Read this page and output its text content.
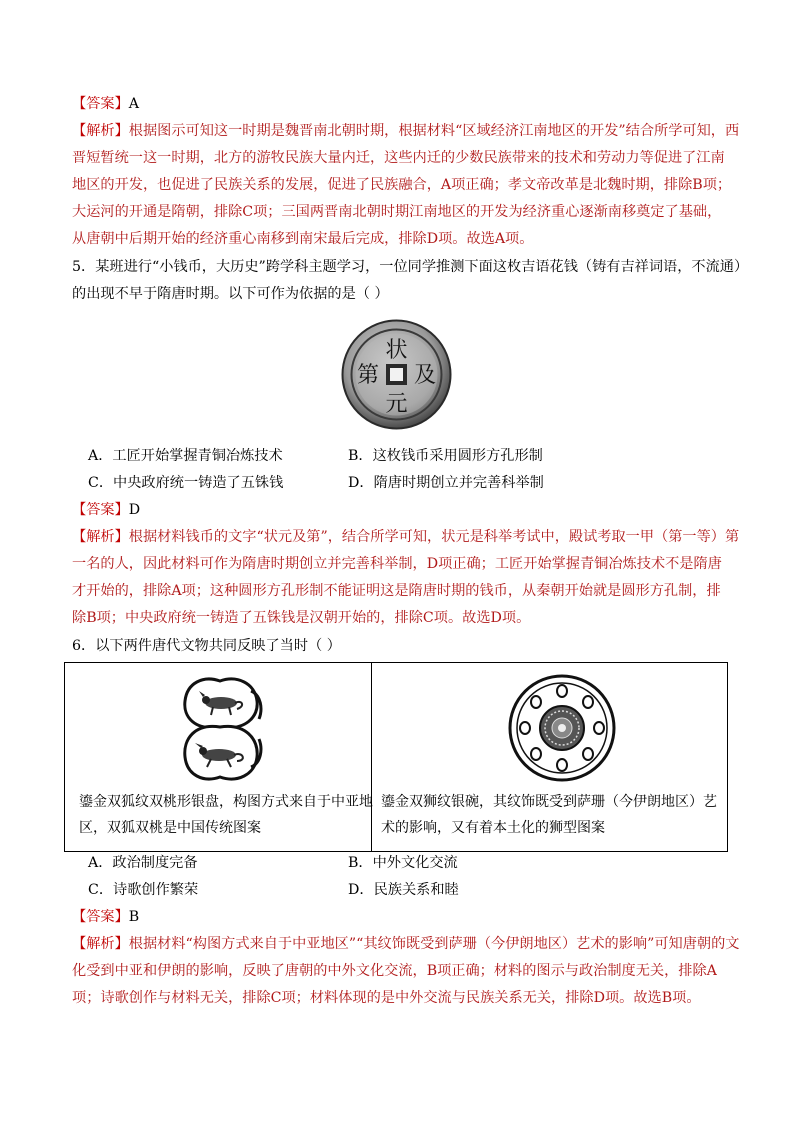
【答案】A
【解析】根据图示可知这一时期是魏晋南北朝时期，根据材料“区域经济江南地区的开发”结合所学可知，西
晋短暂统一这一时期，北方的游牧民族大量内迁，这些内迁的少数民族带来的技术和劳动力等促进了江南
地区的开发，也促进了民族关系的发展，促进了民族融合，A项正确；孝文帝改革是北魏时期，排除B项；
大运河的开通是隋朝，排除C项；三国两晋南北朝时期江南地区的开发为经济重心逐渐南移奠定了基础，
从唐朝中后期开始的经济重心南移到南宋最后完成，排除D项。故选A项。
5．某班进行“小钱币，大历史”跨学科主题学习，一位同学推测下面这枚吉语花钱（铸有吉祥词语，不流通）
的出现不早于隋唐时期。以下可作为依据的是（ ）
状
及
元
第
A．工匠开始掌握青铜冶炼技术	B．这枚钱币采用圆形方孔形制
C．中央政府统一铸造了五铢钱	D．隋唐时期创立并完善科举制
【答案】D
【解析】根据材料钱币的文字“状元及第”，结合所学可知，状元是科举考试中，殿试考取一甲（第一等）第
一名的人，因此材料可作为隋唐时期创立并完善科举制，D项正确；工匠开始掌握青铜冶炼技术不是隋唐
才开始的，排除A项；这种圆形方孔形制不能证明这是隋唐时期的钱币，从秦朝开始就是圆形方孔制，排
除B项；中央政府统一铸造了五铢钱是汉朝开始的，排除C项。故选D项。
6．以下两件唐代文物共同反映了当时（ ）
鎏金双狐纹双桃形银盘，构图方式来自于中亚地
区，双狐双桃是中国传统图案
鎏金双狮纹银碗，其纹饰既受到萨珊（今伊朗地区）艺
术的影响，又有着本土化的狮型图案
A．政治制度完备	B．中外文化交流
C．诗歌创作繁荣	D．民族关系和睦
【答案】B
【解析】根据材料“构图方式来自于中亚地区”“其纹饰既受到萨珊（今伊朗地区）艺术的影响”可知唐朝的文
化受到中亚和伊朗的影响，反映了唐朝的中外文化交流，B项正确；材料的图示与政治制度无关，排除A
项；诗歌创作与材料无关，排除C项；材料体现的是中外交流与民族关系无关，排除D项。故选B项。
